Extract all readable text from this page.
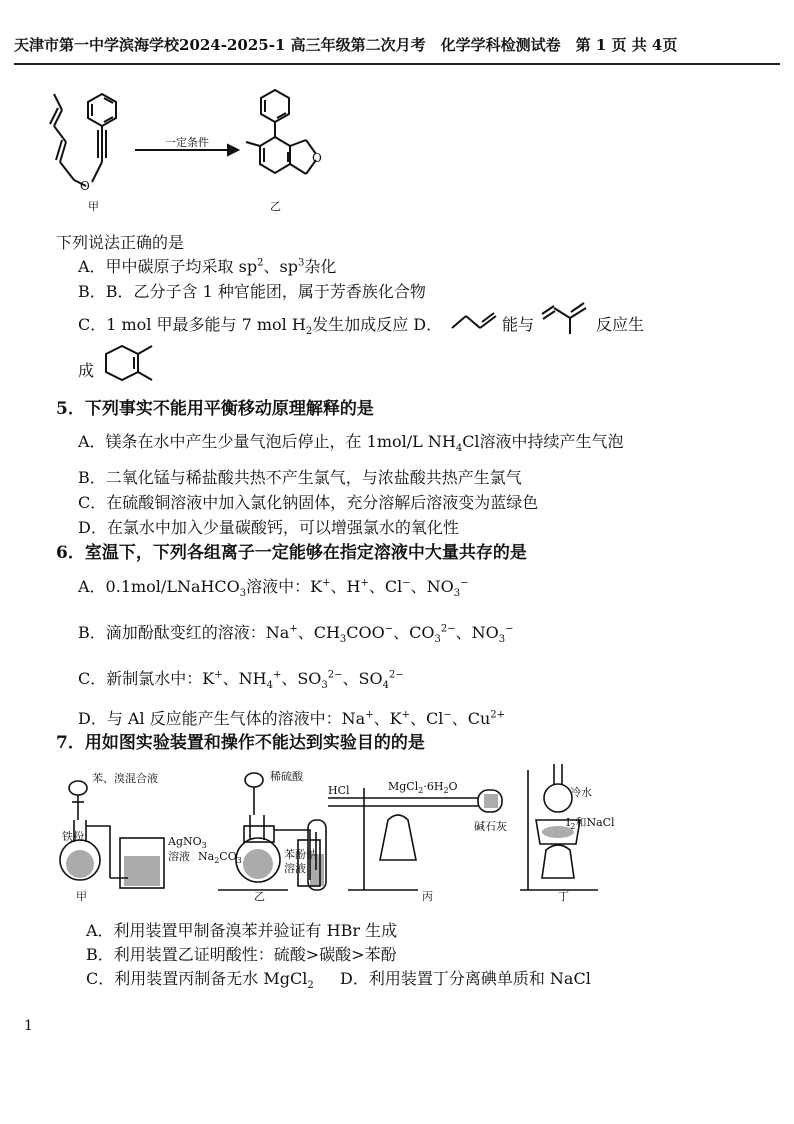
天津市第一中学滨海学校2024-2025-1 高三年级第二次月考　化学学科检测试卷　第 1 页 共 4页
O
O
一定条件
甲	乙
下列说法正确的是
A．甲中碳原子均采取 $sp^2$、$sp^3$杂化
B．B．乙分子含 1 种官能团，属于芳香族化合物
C．1 mol 甲最多能与 7 mol $H_2$发生加成反应 D．	能与	反应生
成
5．下列事实不能用平衡移动原理解释的是
A．镁条在水中产生少量气泡后停止，在 1mol/L $NH_4Cl$溶液中持续产生气泡
B．二氧化锰与稀盐酸共热不产生氯气，与浓盐酸共热产生氯气
C．在硫酸铜溶液中加入氯化钠固体，充分溶解后溶液变为蓝绿色
D．在氯水中加入少量碳酸钙，可以增强氯水的氧化性
6．室温下，下列各组离子一定能够在指定溶液中大量共存的是
A．0.1mol/LNaHCO$_3$溶液中：K+、H+、Cl−、$NO_3^-$
B．滴加酚酞变红的溶液：Na+、$CH_3COO^-$、$CO_3^{2-}$、$NO_3^-$
C．新制氯水中：K+、$NH_4^+$、$SO_3^{2-}$、$SO_4^{2-}$
D．与 Al 反应能产生气体的溶液中：Na+、K+、Cl−、$Cu^{2+}$
7．用如图实验装置和操作不能达到实验目的的是
苯、溴混合液
铁粉	AgNO$_3$
溶液
甲
稀硫酸
$Na_2CO_3$	苯酚钠
溶液
乙
HCl	$MgCl_2\cdot 6H_2O$
碱石灰
丙
冷水
$I_2$和NaCl
丁
A．利用装置甲制备溴苯并验证有 HBr 生成
B．利用装置乙证明酸性：硫酸>碳酸>苯酚
C．利用装置丙制备无水 MgCl$_2$ D．利用装置丁分离碘单质和 NaCl
1
